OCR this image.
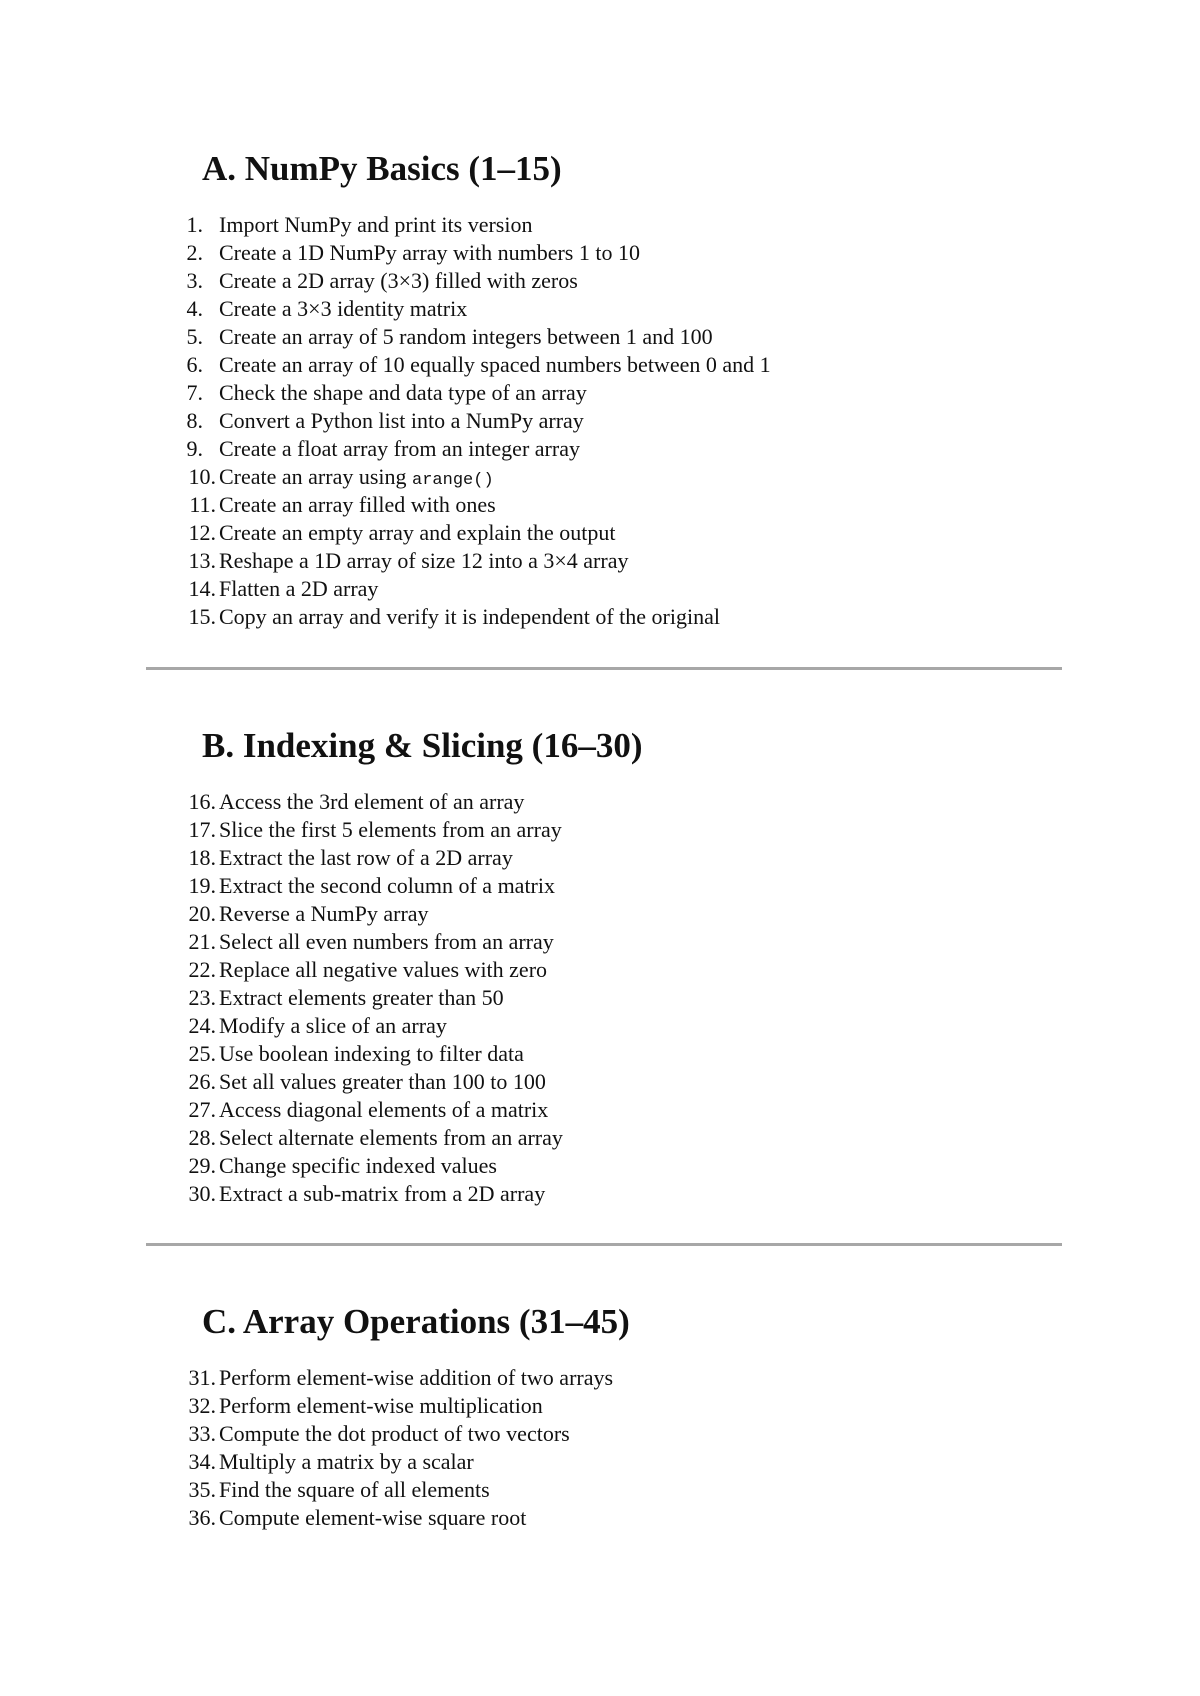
A. NumPy Basics (1–15)
1. Import NumPy and print its version
2. Create a 1D NumPy array with numbers 1 to 10
3. Create a 2D array (3×3) filled with zeros
4. Create a 3×3 identity matrix
5. Create an array of 5 random integers between 1 and 100
6. Create an array of 10 equally spaced numbers between 0 and 1
7. Check the shape and data type of an array
8. Convert a Python list into a NumPy array
9. Create a float array from an integer array
10. Create an array using arange()
11. Create an array filled with ones
12. Create an empty array and explain the output
13. Reshape a 1D array of size 12 into a 3×4 array
14. Flatten a 2D array
15. Copy an array and verify it is independent of the original
B. Indexing & Slicing (16–30)
16. Access the 3rd element of an array
17. Slice the first 5 elements from an array
18. Extract the last row of a 2D array
19. Extract the second column of a matrix
20. Reverse a NumPy array
21. Select all even numbers from an array
22. Replace all negative values with zero
23. Extract elements greater than 50
24. Modify a slice of an array
25. Use boolean indexing to filter data
26. Set all values greater than 100 to 100
27. Access diagonal elements of a matrix
28. Select alternate elements from an array
29. Change specific indexed values
30. Extract a sub-matrix from a 2D array
C. Array Operations (31–45)
31. Perform element-wise addition of two arrays
32. Perform element-wise multiplication
33. Compute the dot product of two vectors
34. Multiply a matrix by a scalar
35. Find the square of all elements
36. Compute element-wise square root
